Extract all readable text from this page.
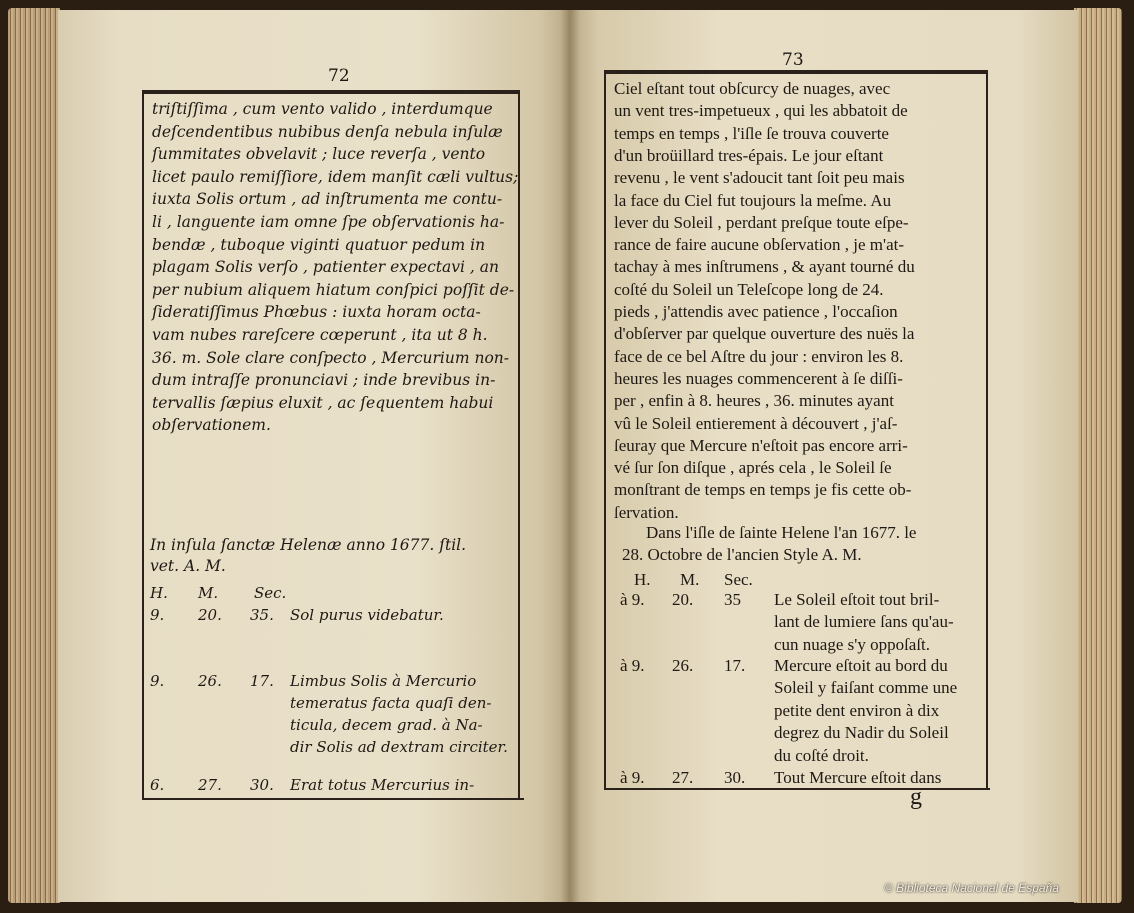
72
triſtiſſima , cum vento valido , interdumque
deſcendentibus nubibus denſa nebula inſulæ
ſummitates obvelavit ; luce reverſa , vento
licet paulo remiſſiore, idem manſit cæli vultus;
iuxta Solis ortum , ad inſtrumenta me contu-
li , languente iam omne ſpe obſervationis ha-
bendæ , tuboque viginti quatuor pedum in
plagam Solis verſo , patienter expectavi , an
per nubium aliquem hiatum conſpici poſſit de-
ſideratiſſimus Phœbus : iuxta horam octa-
vam nubes rareſcere cœperunt , ita ut 8 h.
36. m. Sole clare conſpecto , Mercurium non-
dum intraſſe pronunciavi ; inde brevibus in-
tervallis ſæpius eluxit , ac ſequentem habui
obſervationem.
In inſula ſanctæ Helenæ anno 1677. ſtil.
vet. A. M.
H. M. Sec.
9. 20. 35. Sol purus videbatur.
9. 26. 17. Limbus Solis à Mercurio
temeratus facta quaſi den-
ticula, decem grad. à Na-
dir Solis ad dextram circiter.
6. 27. 30. Erat totus Mercurius in-
73
Ciel eſtant tout obſcurcy de nuages, avec
un vent tres-impetueux , qui les abbatoit de
temps en temps , l'iſle ſe trouva couverte
d'un broüillard tres-épais. Le jour eſtant
revenu , le vent s'adoucit tant ſoit peu mais
la face du Ciel fut toujours la meſme. Au
lever du Soleil , perdant preſque toute eſpe-
rance de faire aucune obſervation , je m'at-
tachay à mes inſtrumens , & ayant tourné du
coſté du Soleil un Teleſcope long de 24.
pieds , j'attendis avec patience , l'occaſion
d'obſerver par quelque ouverture des nuës la
face de ce bel Aſtre du jour : environ les 8.
heures les nuages commencerent à ſe diſſi-
per , enfin à 8. heures , 36. minutes ayant
vû le Soleil entierement à découvert , j'aſ-
ſeuray que Mercure n'eſtoit pas encore arri-
vé ſur ſon diſque , aprés cela , le Soleil ſe
monſtrant de temps en temps je fis cette ob-
ſervation.
Dans l'iſle de ſainte Helene l'an 1677. le
28. Octobre de l'ancien Style A. M.
H. M. Sec.
à 9. 20. 35 Le Soleil eſtoit tout bril-
lant de lumiere ſans qu'au-
cun nuage s'y oppoſaſt.
à 9. 26. 17. Mercure eſtoit au bord du
Soleil y faiſant comme une
petite dent environ à dix
degrez du Nadir du Soleil
du coſté droit.
à 9. 27. 30. Tout Mercure eſtoit dans
g
© Biblioteca Nacional de España
